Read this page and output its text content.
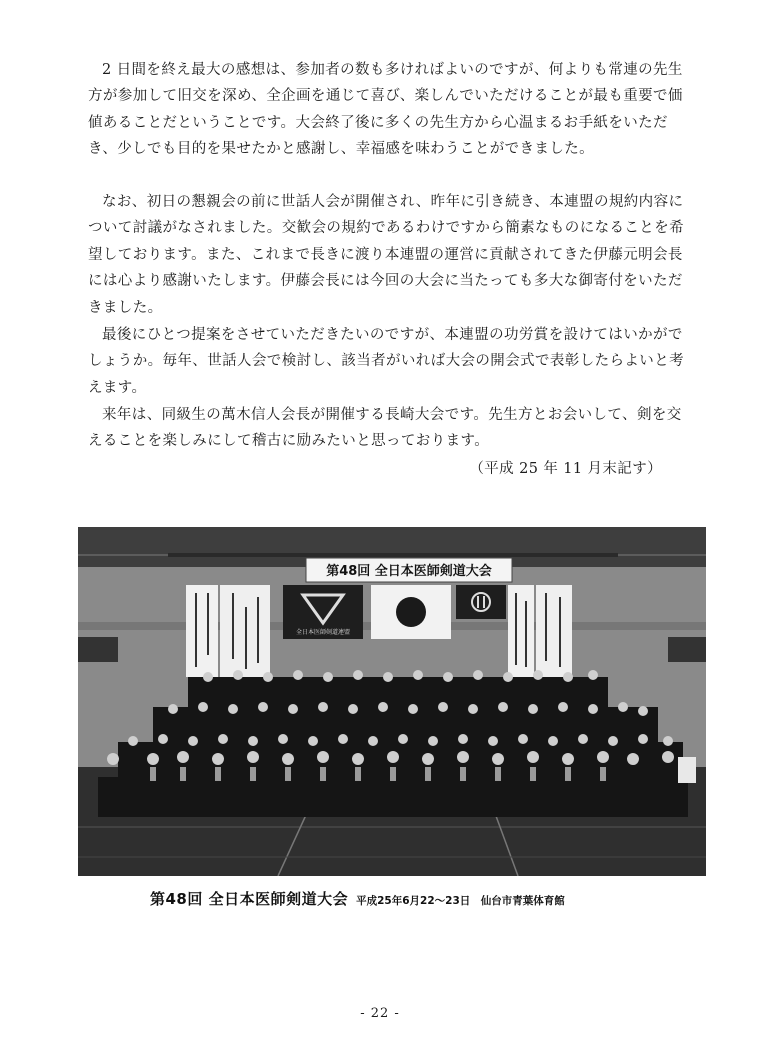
2 日間を終え最大の感想は、参加者の数も多ければよいのですが、何よりも常連の先生方が参加して旧交を深め、全企画を通じて喜び、楽しんでいただけることが最も重要で価値あることだということです。大会終了後に多くの先生方から心温まるお手紙をいただき、少しでも目的を果せたかと感謝し、幸福感を味わうことができました。

なお、初日の懇親会の前に世話人会が開催され、昨年に引き続き、本連盟の規約内容について討議がなされました。交歓会の規約であるわけですから簡素なものになることを希望しております。また、これまで長きに渡り本連盟の運営に貢献されてきた伊藤元明会長には心より感謝いたします。伊藤会長には今回の大会に当たっても多大な御寄付をいただきました。

最後にひとつ提案をさせていただきたいのですが、本連盟の功労賞を設けてはいかがでしょうか。毎年、世話人会で検討し、該当者がいれば大会の開会式で表彰したらよいと考えます。

来年は、同級生の萬木信人会長が開催する長崎大会です。先生方とお会いして、剣を交えることを楽しみにして稽古に励みたいと思っております。

（平成 25 年 11 月末記す）
第48回 全日本医師剣道大会
全日本医師剣道連盟
第48回 全日本医師剣道大会 平成25年6月22～23日　仙台市青葉体育館
- 22 -
